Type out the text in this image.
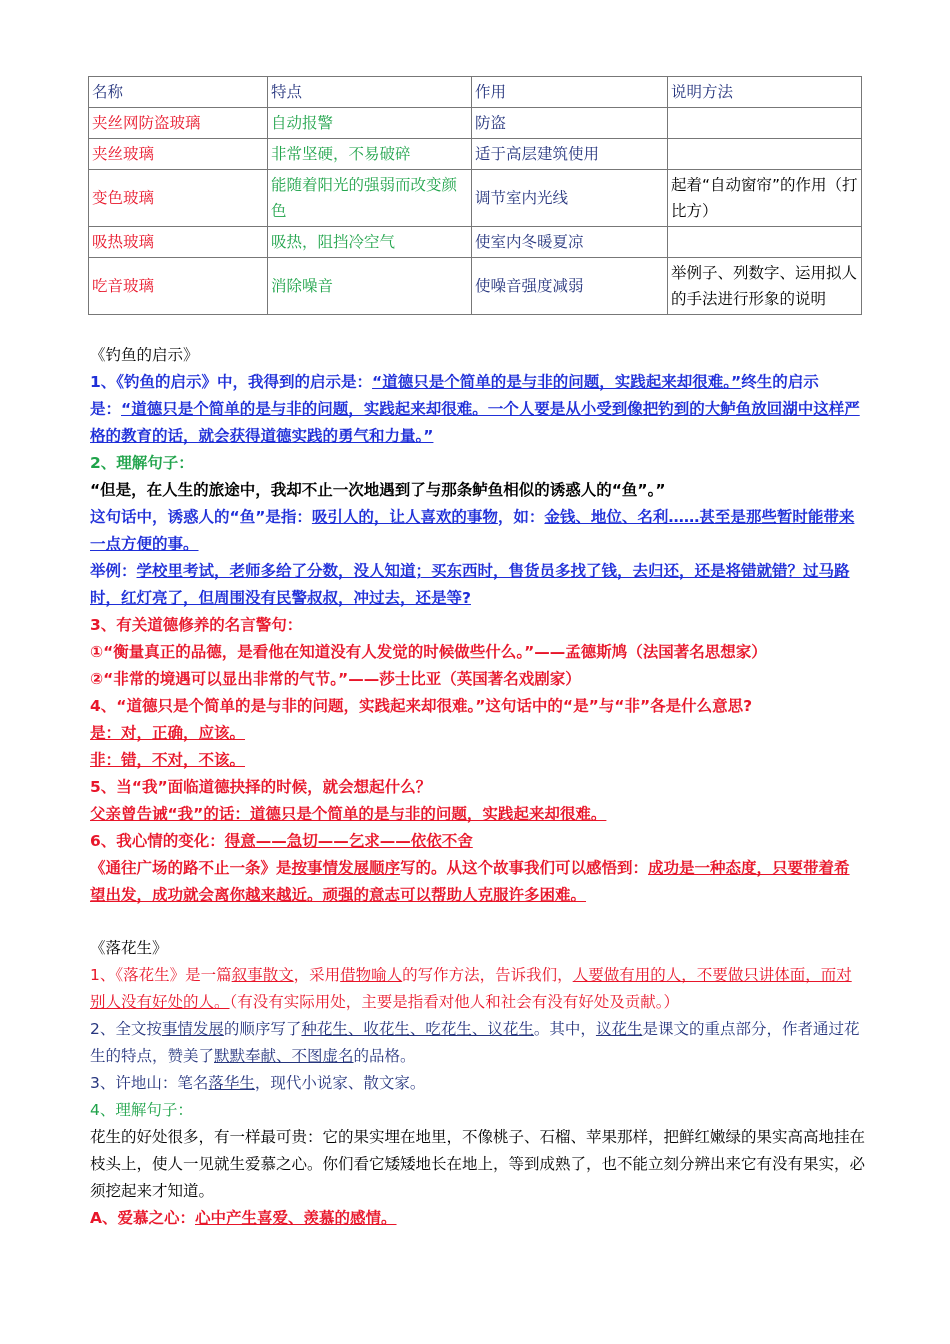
名称	特点	作用	说明方法
夹丝网防盗玻璃	自动报警	防盗	
夹丝玻璃	非常坚硬，不易破碎	适于高层建筑使用	
变色玻璃	能随着阳光的强弱而改变颜色	调节室内光线	起着“自动窗帘”的作用（打比方）
吸热玻璃	吸热，阻挡冷空气	使室内冬暖夏凉	
吃音玻璃	消除噪音	使噪音强度减弱	举例子、列数字、运用拟人的手法进行形象的说明

《钓鱼的启示》

1、《钓鱼的启示》中，我得到的启示是：“道德只是个简单的是与非的问题，实践起来却很难。”终生的启示是：“道德只是个简单的是与非的问题，实践起来却很难。一个人要是从小受到像把钓到的大鲈鱼放回湖中这样严格的教育的话，就会获得道德实践的勇气和力量。”

2、理解句子：

“但是，在人生的旅途中，我却不止一次地遇到了与那条鲈鱼相似的诱惑人的“鱼”。”

这句话中，诱惑人的“鱼”是指：吸引人的，让人喜欢的事物，如：金钱、地位、名利……甚至是那些暂时能带来一点方便的事。

举例：学校里考试，老师多给了分数，没人知道；买东西时，售货员多找了钱，去归还，还是将错就错？过马路时，红灯亮了，但周围没有民警叔叔，冲过去，还是等?

3、有关道德修养的名言警句：

①“衡量真正的品德，是看他在知道没有人发觉的时候做些什么。”——孟德斯鸠（法国著名思想家）

②“非常的境遇可以显出非常的气节。”——莎士比亚（英国著名戏剧家）

4、“道德只是个简单的是与非的问题，实践起来却很难。”这句话中的“是”与“非”各是什么意思?

是：对，正确，应该。

非：错，不对，不该。

5、当“我”面临道德抉择的时候，就会想起什么？

父亲曾告诫“我”的话：道德只是个简单的是与非的问题，实践起来却很难。

6、我心情的变化：得意——急切——乞求——依依不舍

《通往广场的路不止一条》是按事情发展顺序写的。从这个故事我们可以感悟到：成功是一种态度，只要带着希望出发，成功就会离你越来越近。顽强的意志可以帮助人克服许多困难。

《落花生》

1、《落花生》是一篇叙事散文，采用借物喻人的写作方法，告诉我们，人要做有用的人，不要做只讲体面，而对别人没有好处的人。（有没有实际用处，主要是指看对他人和社会有没有好处及贡献。）

2、全文按事情发展的顺序写了种花生、收花生、吃花生、议花生。其中，议花生是课文的重点部分，作者通过花生的特点，赞美了默默奉献、不图虚名的品格。

3、许地山：笔名落华生，现代小说家、散文家。

4、理解句子：

花生的好处很多，有一样最可贵：它的果实埋在地里，不像桃子、石榴、苹果那样，把鲜红嫩绿的果实高高地挂在枝头上，使人一见就生爱慕之心。你们看它矮矮地长在地上，等到成熟了，也不能立刻分辨出来它有没有果实，必须挖起来才知道。

A、爱慕之心：心中产生喜爱、羡慕的感情。
